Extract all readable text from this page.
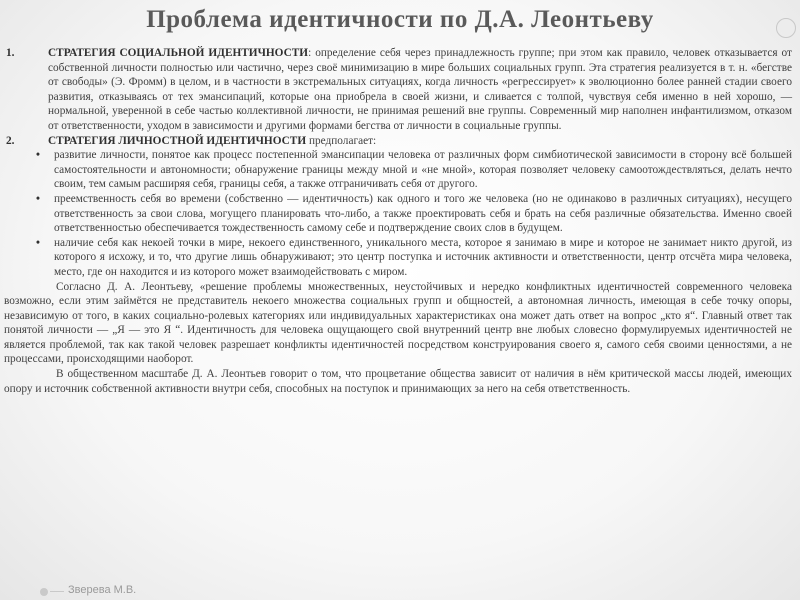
Проблема идентичности по Д.А. Леонтьеву
1.	СТРАТЕГИЯ СОЦИАЛЬНОЙ ИДЕНТИЧНОСТИ: определение себя через принадлежность группе; при этом как правило, человек отказывается от собственной личности полностью или частично, через своё минимизацию в мире больших социальных групп. Эта стратегия реализуется в т. н. «бегстве от свободы» (Э. Фромм) в целом, и в частности в экстремальных ситуациях, когда личность «регрессирует» к эволюционно более ранней стадии своего развития, отказываясь от тех эмансипаций, которые она приобрела в своей жизни, и сливается с толпой, чувствуя себя именно в ней хорошо, — нормальной, уверенной в себе частью коллективной личности, не принимая решений вне группы. Современный мир наполнен инфантилизмом, отказом от ответственности, уходом в зависимости и другими формами бегства от личности в социальные группы.
2.	СТРАТЕГИЯ ЛИЧНОСТНОЙ ИДЕНТИЧНОСТИ предполагает:
• развитие личности, понятое как процесс постепенной эмансипации человека от различных форм симбиотической зависимости в сторону всё большей самостоятельности и автономности; обнаружение границы между мной и «не мной», которая позволяет человеку самоотождествляться, делать нечто своим, тем самым расширяя себя, границы себя, а также отграничивать себя от другого.
• преемственность себя во времени (собственно — идентичность) как одного и того же человека (но не одинаково в различных ситуациях), несущего ответственность за свои слова, могущего планировать что-либо, а также проектировать себя и брать на себя различные обязательства. Именно своей ответственностью обеспечивается тождественность самому себе и подтверждение своих слов в будущем.
• наличие себя как некоей точки в мире, некоего единственного, уникального места, которое я занимаю в мире и которое не занимает никто другой, из которого я исхожу, и то, что другие лишь обнаруживают; это центр поступка и источник активности и ответственности, центр отсчёта мира человека, место, где он находится и из которого может взаимодействовать с миром.
Согласно Д. А. Леонтьеву, «решение проблемы множественных, неустойчивых и нередко конфликтных идентичностей современного человека возможно, если этим займётся не представитель некоего множества социальных групп и общностей, а автономная личность, имеющая в себе точку опоры, независимую от того, в каких социально-ролевых категориях или индивидуальных характеристиках она может дать ответ на вопрос „кто я“. Главный ответ так понятой личности — „Я — это Я “. Идентичность для человека ощущающего свой внутренний центр вне любых словесно формулируемых идентичностей не является проблемой, так как такой человек разрешает конфликты идентичностей посредством конструирования своего я, самого себя своими ценностями, а не процессами, происходящими наоборот.
В общественном масштабе Д. А. Леонтьев говорит о том, что процветание общества зависит от наличия в нём критической массы людей, имеющих опору и источник собственной активности внутри себя, способных на поступок и принимающих за него на себя ответственность.
Зверева М.В.
